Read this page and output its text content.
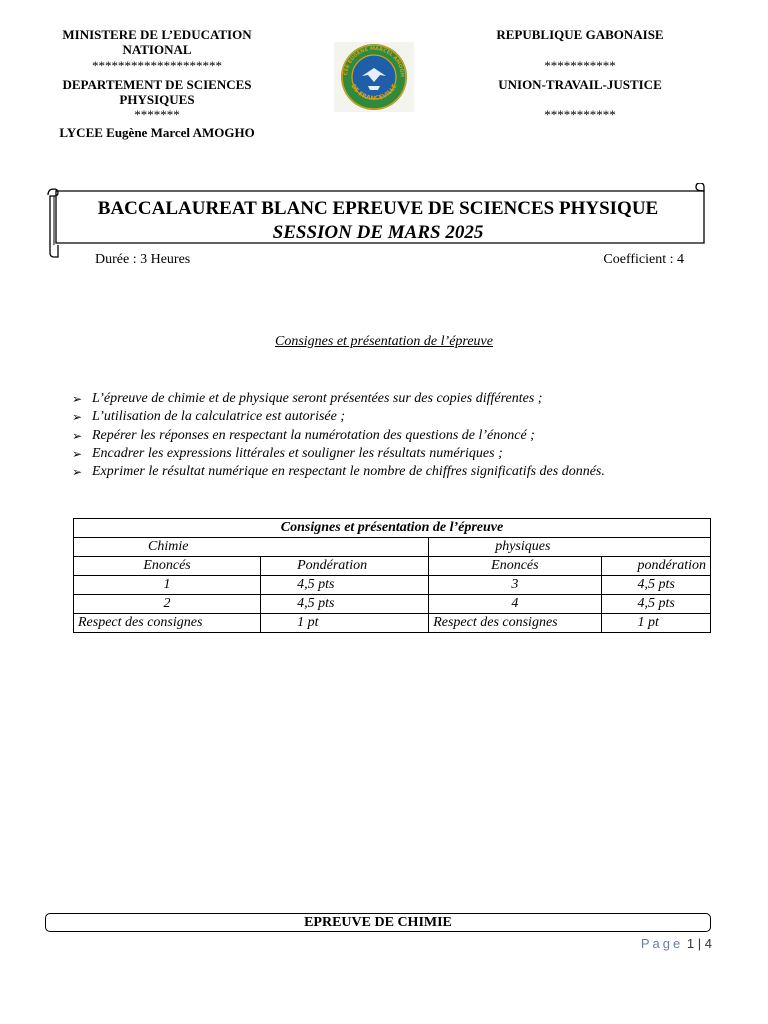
MINISTERE DE L’EDUCATION NATIONAL
********************
DEPARTEMENT DE SCIENCES PHYSIQUES
*******
LYCEE Eugène Marcel AMOGHO
REPUBLIQUE GABONAISE
***********
UNION-TRAVAIL-JUSTICE
***********
CEE EUGENE MARCEL AMOGH
DE FRANCEVILLE
BACCALAUREAT BLANC EPREUVE DE SCIENCES PHYSIQUE
SESSION DE MARS 2025
Durée : 3 Heures	Coefficient : 4
Consignes et présentation de l’épreuve
➢ L’épreuve de chimie et de physique seront présentées sur des copies différentes ;
➢ L’utilisation de la calculatrice est autorisée ;
➢ Repérer les réponses en respectant la numérotation des questions de l’énoncé ;
➢ Encadrer les expressions littérales et souligner les résultats numériques ;
➢ Exprimer le résultat numérique en respectant le nombre de chiffres significatifs des donnés.
Consignes et présentation de l’épreuve			
Chimie		physiques	
Enoncés	Pondération	Enoncés	pondération
1	4,5 pts	3	4,5 pts
2	4,5 pts	4	4,5 pts
Respect des consignes	1 pt	Respect des consignes	1 pt
EPREUVE DE CHIMIE
Page 1 | 4
